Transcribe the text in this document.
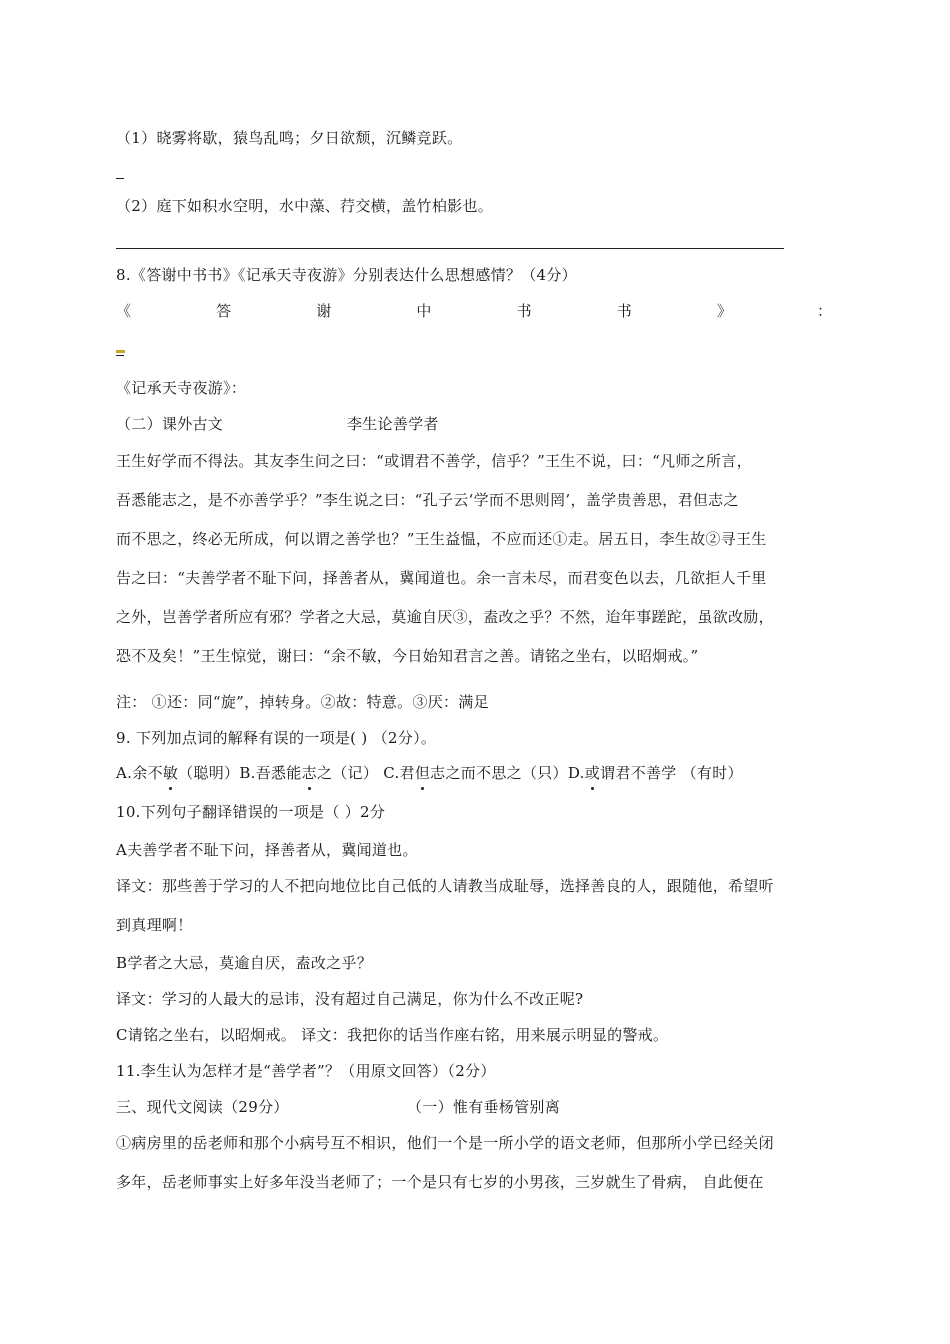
（1）晓雾将歇，猿鸟乱鸣；夕日欲颓，沉鳞竞跃。
（2）庭下如积水空明，水中藻、荇交横，盖竹柏影也。
8.《答谢中书书》《记承天寺夜游》分别表达什么思想感情？（4分）
《	答	谢	中	书	书	》	：
《记承天寺夜游》：
（二）课外古文	李生论善学者
王生好学而不得法。其友李生问之曰：“或谓君不善学，信乎？”王生不说，曰：“凡师之所言，
吾悉能志之，是不亦善学乎？”李生说之曰：“孔子云‘学而不思则罔’，盖学贵善思，君但志之
而不思之，终必无所成，何以谓之善学也？”王生益愠，不应而还①走。居五日，李生故②寻王生
告之曰：“夫善学者不耻下问，择善者从，冀闻道也。余一言未尽，而君变色以去，几欲拒人千里
之外，岂善学者所应有邪？学者之大忌，莫逾自厌③，盍改之乎？不然，迨年事蹉跎，虽欲改励，
恐不及矣！”王生惊觉，谢曰：“余不敏，今日始知君言之善。请铭之坐右，以昭炯戒。”
注： ①还：同“旋”，掉转身。②故：特意。③厌：满足
9. 下列加点词的解释有误的一项是( ) （2分）。
A.余不敏（聪明）B.吾悉能志之（记） C.君但志之而不思之（只）D.或谓君不善学 （有时）
10.下列句子翻译错误的一项是（ ）2分
A夫善学者不耻下问，择善者从，冀闻道也。
译文：那些善于学习的人不把向地位比自己低的人请教当成耻辱，选择善良的人，跟随他，希望听
到真理啊！
B学者之大忌，莫逾自厌，盍改之乎？
译文：学习的人最大的忌讳，没有超过自己满足，你为什么不改正呢?
C请铭之坐右，以昭炯戒。 译文：我把你的话当作座右铭，用来展示明显的警戒。
11.李生认为怎样才是“善学者”？（用原文回答）（2分）
三、现代文阅读（29分）	（一）惟有垂杨管别离
①病房里的岳老师和那个小病号互不相识，他们一个是一所小学的语文老师，但那所小学已经关闭
多年，岳老师事实上好多年没当老师了；一个是只有七岁的小男孩，三岁就生了骨病， 自此便在
